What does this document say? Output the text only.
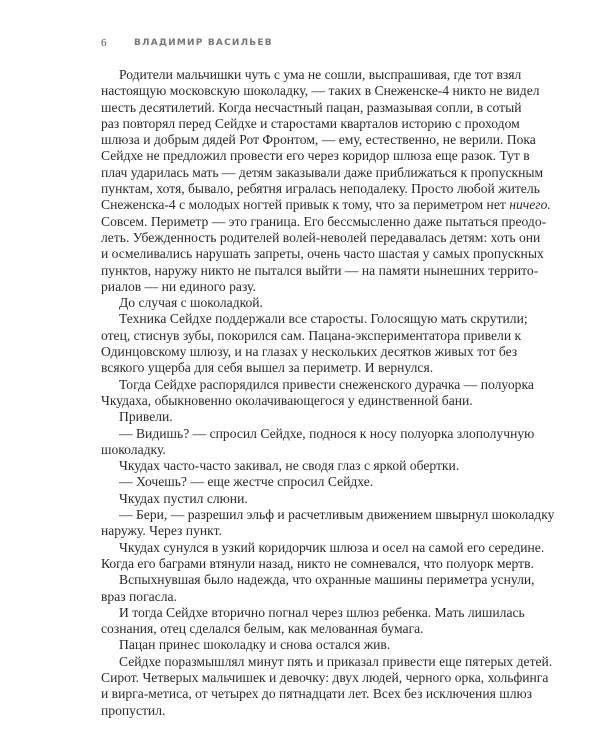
6	ВЛАДИМИР ВАСИЛЬЕВ
Родители мальчишки чуть с ума не сошли, выспрашивая, где тот взял
настоящую московскую шоколадку, — таких в Снеженске-4 никто не видел
шесть десятилетий. Когда несчастный пацан, размазывая сопли, в сотый
раз повторял перед Сейдхе и старостами кварталов историю с проходом
шлюза и добрым дядей Рот Фронтом, — ему, естественно, не верили. Пока
Сейдхе не предложил провести его через коридор шлюза еще разок. Тут в
плач ударилась мать — детям заказывали даже приближаться к пропускным
пунктам, хотя, бывало, ребятня игралась неподалеку. Просто любой житель
Снеженска-4 с молодых ногтей привык к тому, что за периметром нет ничего.
Совсем. Периметр — это граница. Его бессмысленно даже пытаться преодо-
леть. Убежденность родителей волей-неволей передавалась детям: хоть они
и осмеливались нарушать запреты, очень часто шастая у самых пропускных
пунктов, наружу никто не пытался выйти — на памяти нынешних террито-
риалов — ни единого разу.
До случая с шоколадкой.
Техника Сейдхе поддержали все старосты. Голосящую мать скрутили;
отец, стиснув зубы, покорился сам. Пацана-экспериментатора привели к
Одинцовскому шлюзу, и на глазах у нескольких десятков живых тот без
всякого ущерба для себя вышел за периметр. И вернулся.
Тогда Сейдхе распорядился привести снеженского дурачка — полуорка
Чкудаха, обыкновенно околачивающегося у единственной бани.
Привели.
— Видишь? — спросил Сейдхе, поднося к носу полуорка злополучную
шоколадку.
Чкудах часто-часто закивал, не сводя глаз с яркой обертки.
— Хочешь? — еще жестче спросил Сейдхе.
Чкудах пустил слюни.
— Бери, — разрешил эльф и расчетливым движением швырнул шоколадку
наружу. Через пункт.
Чкудах сунулся в узкий коридорчик шлюза и осел на самой его середине.
Когда его баграми втянули назад, никто не сомневался, что полуорк мертв.
Вспыхнувшая было надежда, что охранные машины периметра уснули,
враз погасла.
И тогда Сейдхе вторично погнал через шлюз ребенка. Мать лишилась
сознания, отец сделался белым, как мелованная бумага.
Пацан принес шоколадку и снова остался жив.
Сейдхе поразмышлял минут пять и приказал привести еще пятерых детей.
Сирот. Четверых мальчишек и девочку: двух людей, черного орка, хольфинга
и вирга-метиса, от четырех до пятнадцати лет. Всех без исключения шлюз
пропустил.
